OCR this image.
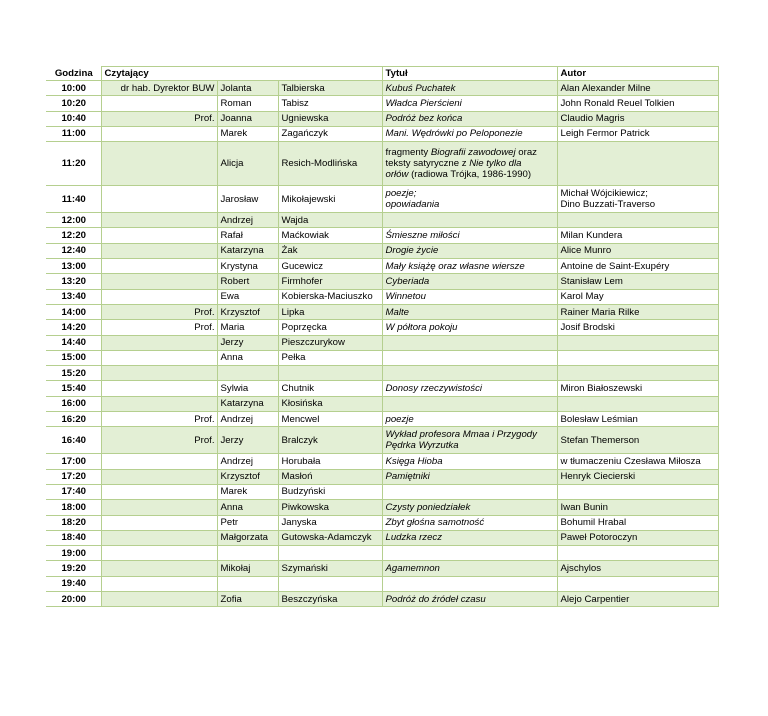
Godzina	Czytający			Tytuł	Autor
10:00	dr hab. Dyrektor BUW	Jolanta	Talbierska	Kubuś Puchatek	Alan Alexander Milne

10:20		Roman	Tabisz	Władca Pierścieni	John Ronald Reuel Tolkien

10:40	Prof.	Joanna	Ugniewska	Podróż bez końca	Claudio Magris

11:00		Marek	Zagańczyk	Mani. Wędrówki po Peloponezie	Leigh Fermor Patrick

11:20		Alicja	Resich-Modlińska	fragmenty Biografii zawodowej oraz
teksty satyryczne z Nie tylko dla
orłów (radiowa Trójka, 1986-1990)	

11:40		Jarosław	Mikołajewski	poezje;
opowiadania	Michał Wójcikiewicz;
Dino Buzzati-Traverso

12:00		Andrzej	Wajda	

12:20		Rafał	Maćkowiak	Śmieszne miłości	Milan Kundera

12:40		Katarzyna	Żak	Drogie życie	Alice Munro

13:00		Krystyna	Gucewicz	Mały książę oraz własne wiersze	Antoine de Saint-Exupéry

13:20		Robert	Firmhofer	Cyberiada	Stanisław Lem

13:40		Ewa	Kobierska-Maciuszko	Winnetou	Karol May

14:00	Prof.	Krzysztof	Lipka	Malte	Rainer Maria Rilke

14:20	Prof.	Maria	Poprzęcka	W półtora pokoju	Josif Brodski

14:40		Jerzy	Pieszczurykow	

15:00		Anna	Pełka	

15:20				

15:40		Sylwia	Chutnik	Donosy rzeczywistości	Miron Białoszewski

16:00		Katarzyna	Kłosińska	

16:20	Prof.	Andrzej	Mencwel	poezje	Bolesław Leśmian

16:40	Prof.	Jerzy	Bralczyk	Wykład profesora Mmaa i Przygody
Pędrka Wyrzutka	Stefan Themerson

17:00		Andrzej	Horubała	Księga Hioba	w tłumaczeniu Czesława Miłosza

17:20		Krzysztof	Masłoń	Pamiętniki	Henryk Ciecierski

17:40		Marek	Budzyński	

18:00		Anna	Piwkowska	Czysty poniedziałek	Iwan Bunin

18:20		Petr	Janyska	Zbyt głośna samotność	Bohumil Hrabal

18:40		Małgorzata	Gutowska-Adamczyk	Ludzka rzecz	Paweł Potoroczyn

19:00				

19:20		Mikołaj	Szymański	Agamemnon	Ajschylos

19:40				

20:00		Zofia	Beszczyńska	Podróż do źródeł czasu	Alejo Carpentier
